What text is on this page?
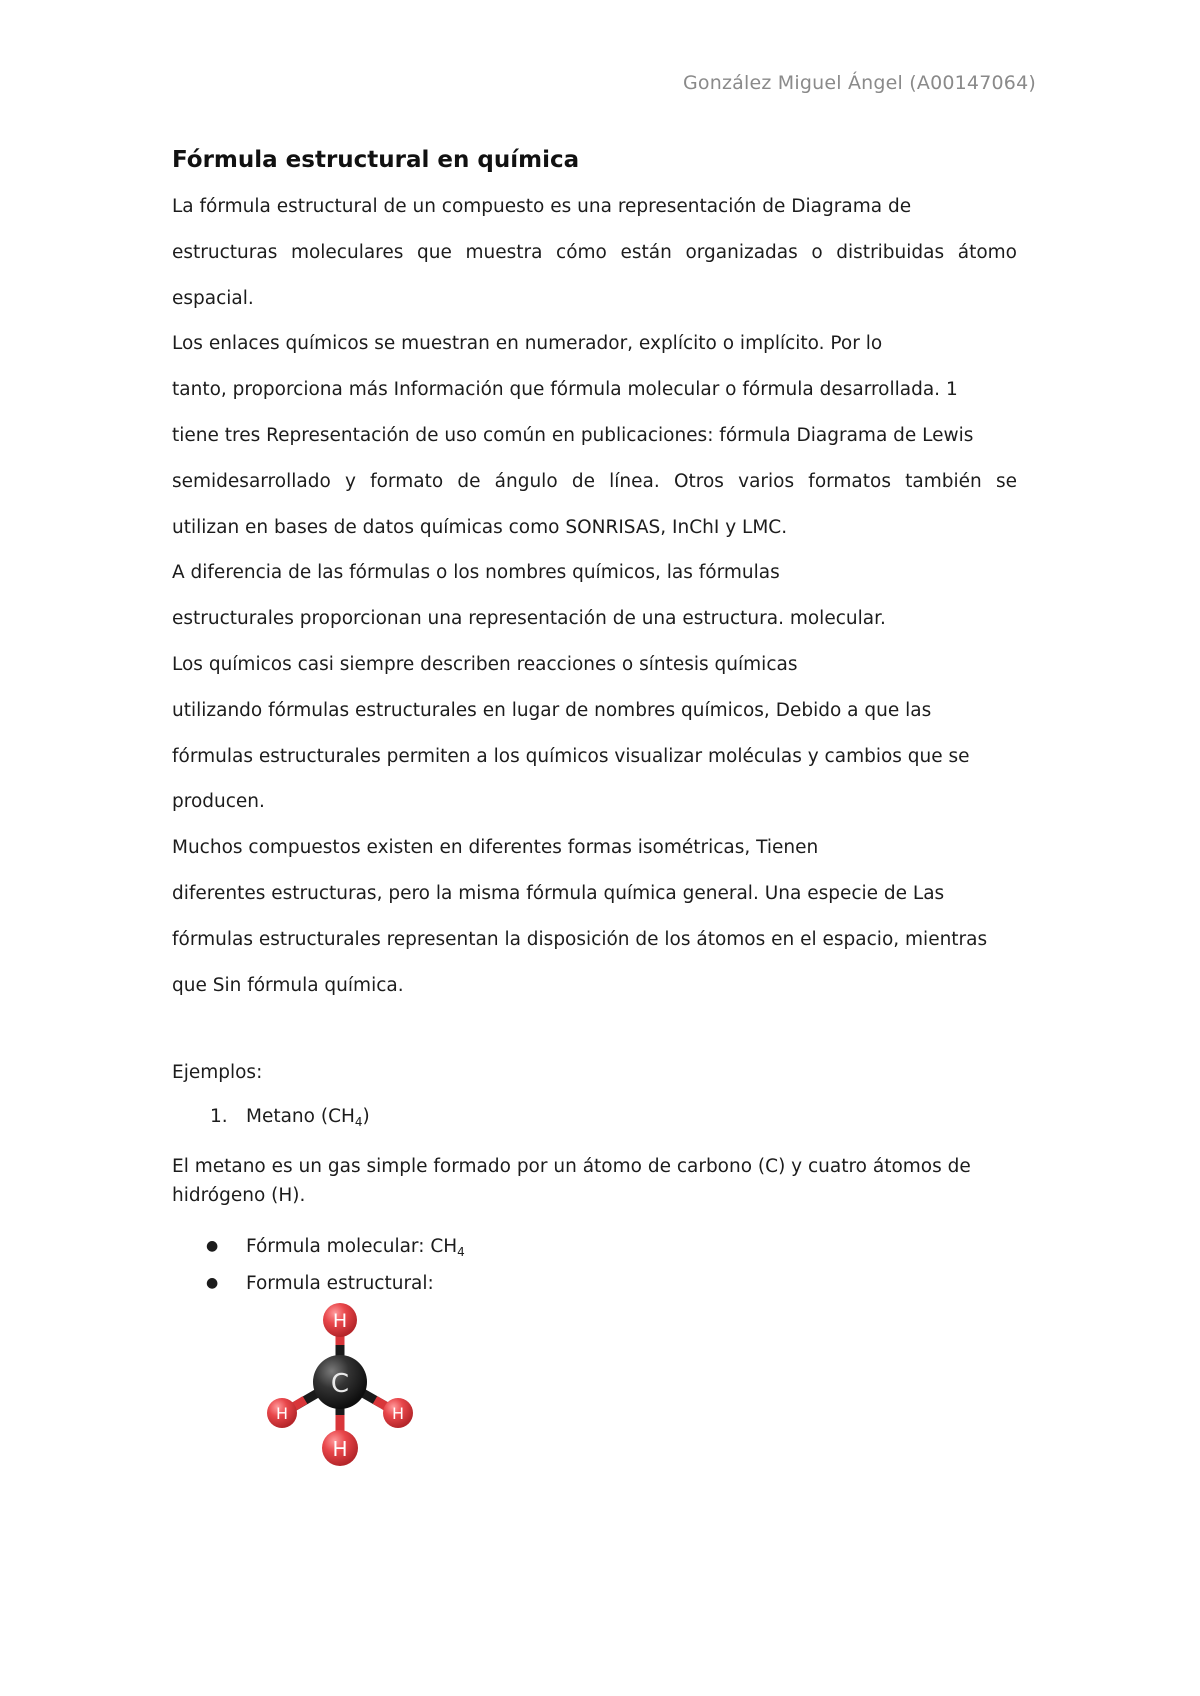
González Miguel Ángel (A00147064)
Fórmula estructural en química
La fórmula estructural de un compuesto es una representación de Diagrama de
estructuras moleculares que muestra cómo están organizadas o distribuidas átomo
espacial.
Los enlaces químicos se muestran en numerador, explícito o implícito. Por lo
tanto, proporciona más Información que fórmula molecular o fórmula desarrollada. 1
tiene tres Representación de uso común en publicaciones: fórmula Diagrama de Lewis
semidesarrollado y formato de ángulo de línea. Otros varios formatos también se
utilizan en bases de datos químicas como SONRISAS, InChI y LMC.
A diferencia de las fórmulas o los nombres químicos, las fórmulas
estructurales proporcionan una representación de una estructura. molecular.
Los químicos casi siempre describen reacciones o síntesis químicas
utilizando fórmulas estructurales en lugar de nombres químicos, Debido a que las
fórmulas estructurales permiten a los químicos visualizar moléculas y cambios que se
producen.
Muchos compuestos existen en diferentes formas isométricas, Tienen
diferentes estructuras, pero la misma fórmula química general. Una especie de Las
fórmulas estructurales representan la disposición de los átomos en el espacio, mientras
que Sin fórmula química.
Ejemplos:
1. Metano $(CH_4)$
El metano es un gas simple formado por un átomo de carbono (C) y cuatro átomos de hidrógeno (H).
● Fórmula molecular: $CH_4$
● Formula estructural:
H
H	H
C
H
